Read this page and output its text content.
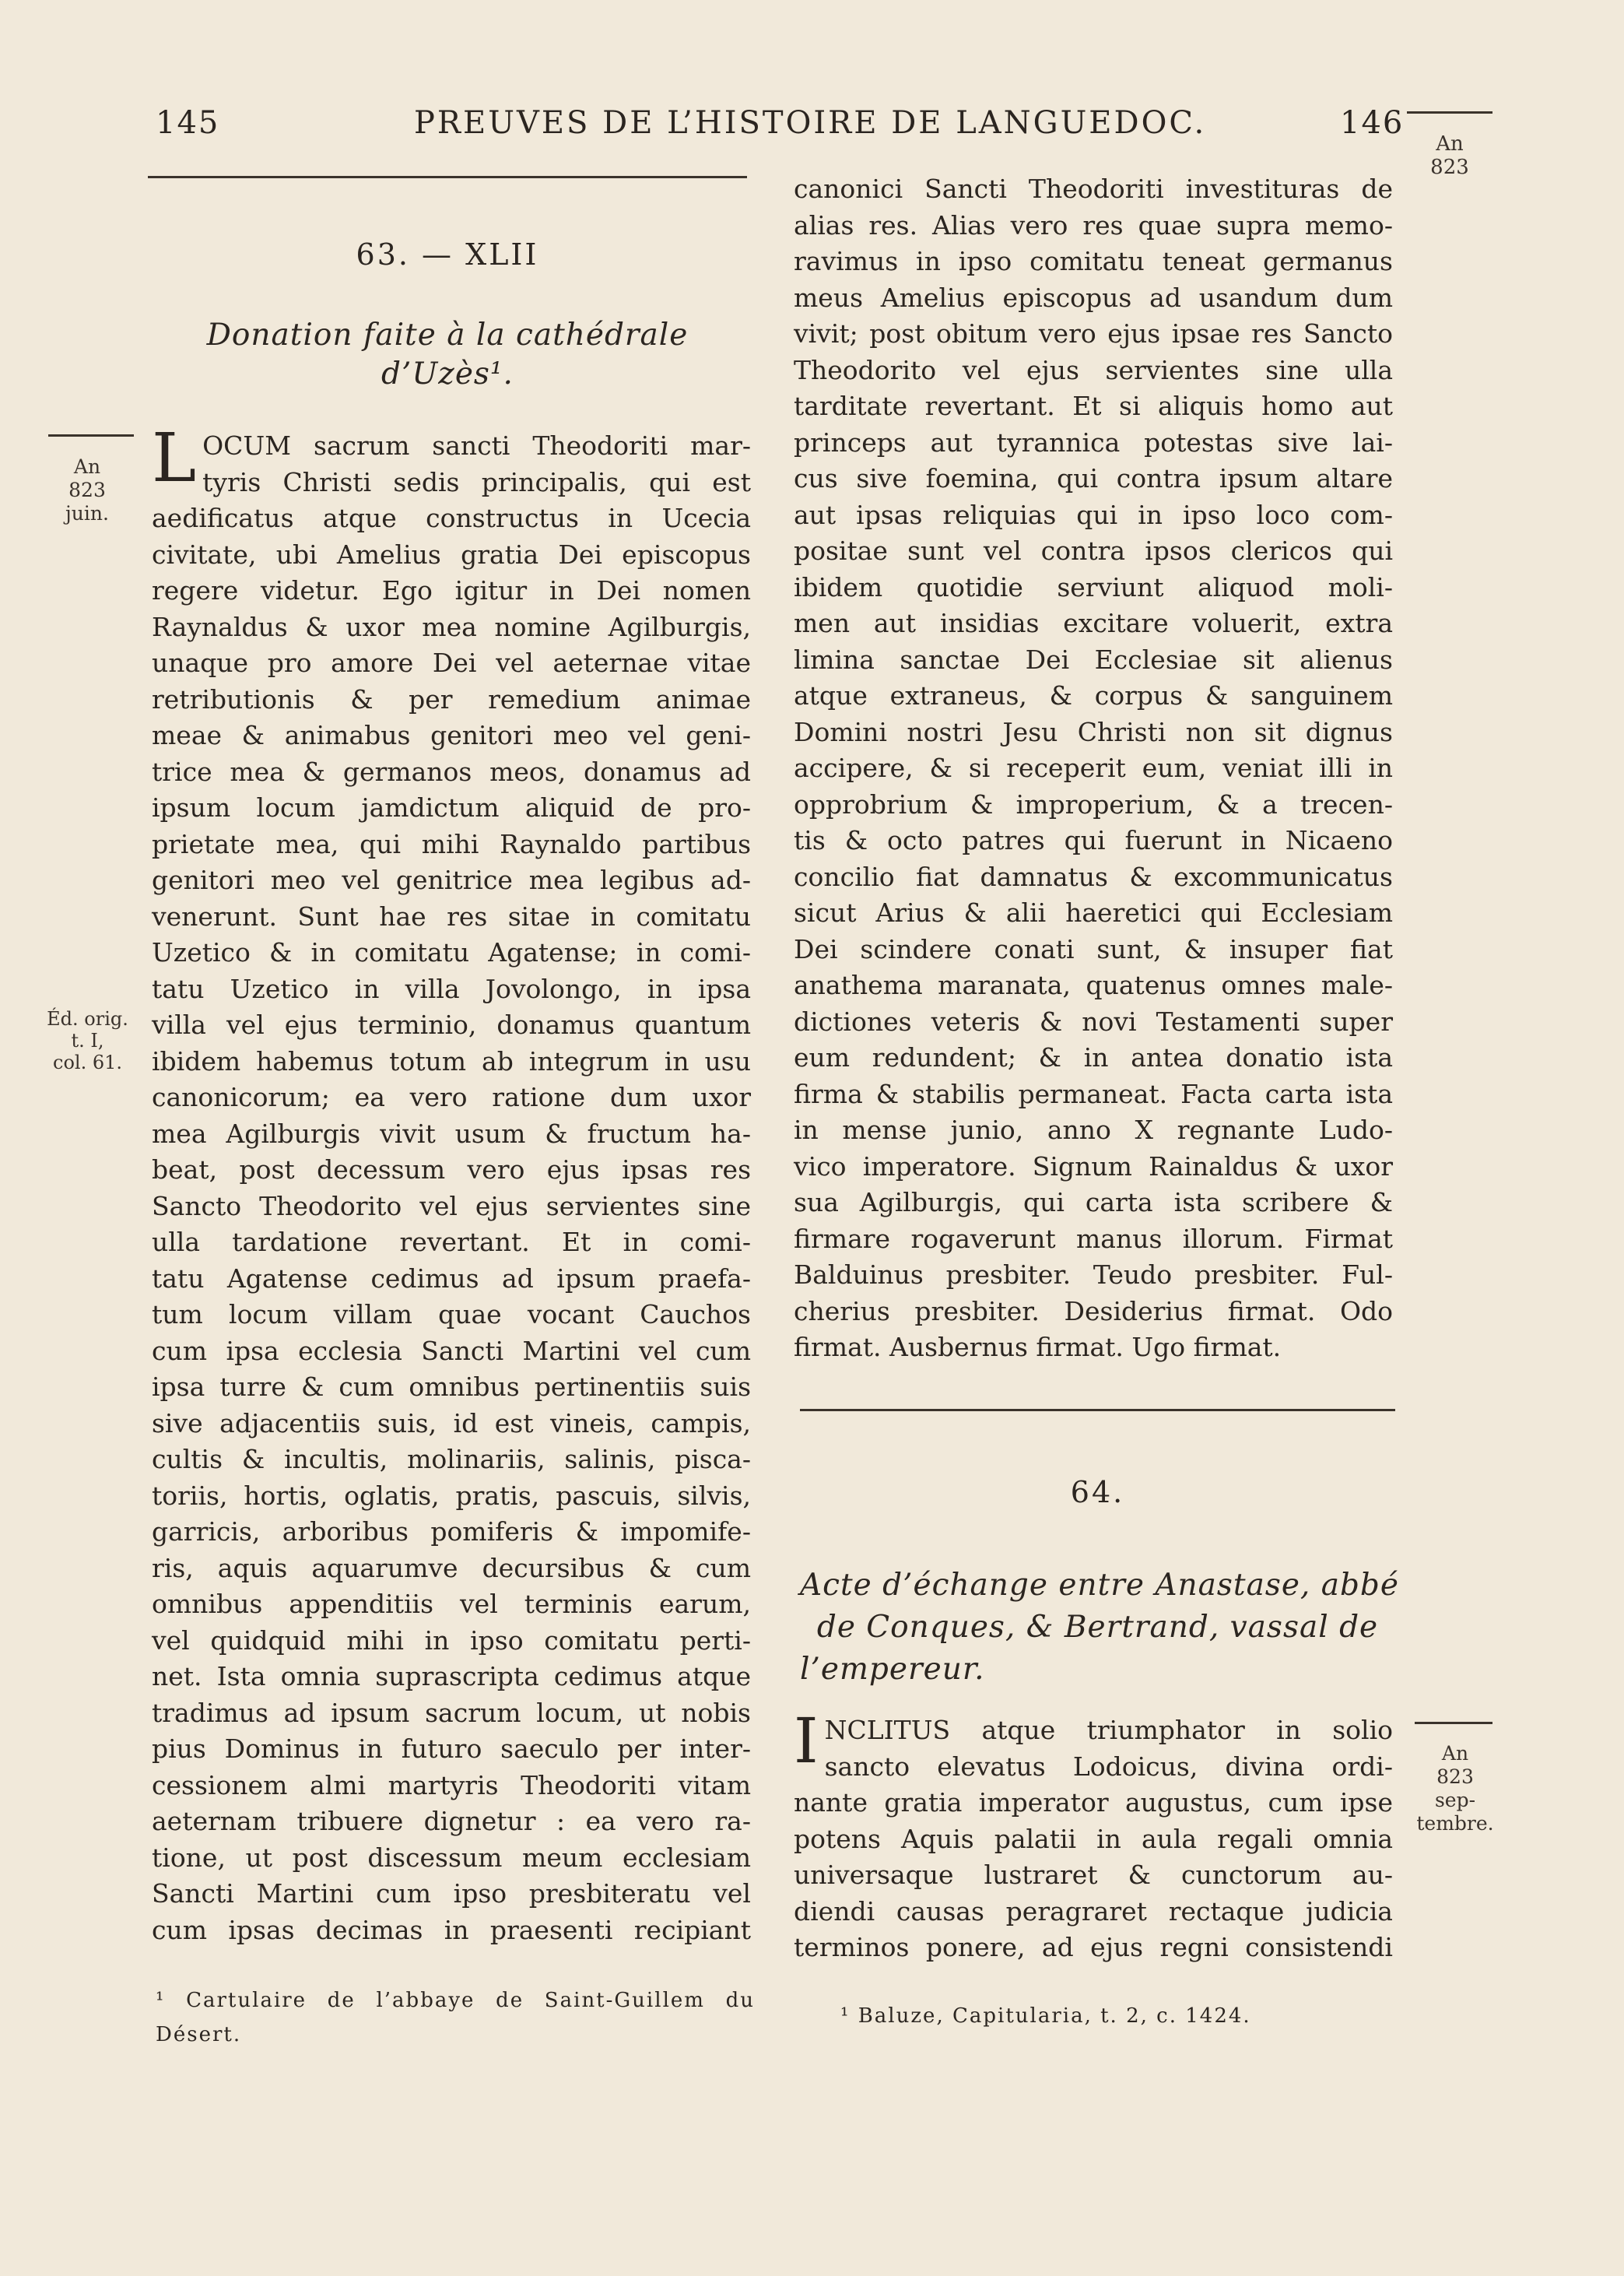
145	PREUVES DE L’HISTOIRE DE LANGUEDOC.	146
An
823
63. — XLII
Donation faite à la cathédrale
d’Uzès¹.
An
823
juin.
Éd. orig.
t. I,
col. 61.
L OCUM sacrum sancti Theodoriti mar-
tyris Christi sedis principalis, qui est
aedificatus atque constructus in Ucecia
civitate, ubi Amelius gratia Dei episcopus
regere videtur. Ego igitur in Dei nomen
Raynaldus & uxor mea nomine Agilburgis,
unaque pro amore Dei vel aeternae vitae
retributionis & per remedium animae
meae & animabus genitori meo vel geni-
trice mea & germanos meos, donamus ad
ipsum locum jamdictum aliquid de pro-
prietate mea, qui mihi Raynaldo partibus
genitori meo vel genitrice mea legibus ad-
venerunt. Sunt hae res sitae in comitatu
Uzetico & in comitatu Agatense; in comi-
tatu Uzetico in villa Jovolongo, in ipsa
villa vel ejus terminio, donamus quantum
ibidem habemus totum ab integrum in usu
canonicorum; ea vero ratione dum uxor
mea Agilburgis vivit usum & fructum ha-
beat, post decessum vero ejus ipsas res
Sancto Theodorito vel ejus servientes sine
ulla tardatione revertant. Et in comi-
tatu Agatense cedimus ad ipsum praefa-
tum locum villam quae vocant Cauchos
cum ipsa ecclesia Sancti Martini vel cum
ipsa turre & cum omnibus pertinentiis suis
sive adjacentiis suis, id est vineis, campis,
cultis & incultis, molinariis, salinis, pisca-
toriis, hortis, oglatis, pratis, pascuis, silvis,
garricis, arboribus pomiferis & impomife-
ris, aquis aquarumve decursibus & cum
omnibus appenditiis vel terminis earum,
vel quidquid mihi in ipso comitatu perti-
net. Ista omnia suprascripta cedimus atque
tradimus ad ipsum sacrum locum, ut nobis
pius Dominus in futuro saeculo per inter-
cessionem almi martyris Theodoriti vitam
aeternam tribuere dignetur : ea vero ra-
tione, ut post discessum meum ecclesiam
Sancti Martini cum ipso presbiteratu vel
cum ipsas decimas in praesenti recipiant
¹ Cartulaire de l’abbaye de Saint-Guillem du
Désert.
canonici Sancti Theodoriti investituras de
alias res. Alias vero res quae supra memo-
ravimus in ipso comitatu teneat germanus
meus Amelius episcopus ad usandum dum
vivit; post obitum vero ejus ipsae res Sancto
Theodorito vel ejus servientes sine ulla
tarditate revertant. Et si aliquis homo aut
princeps aut tyrannica potestas sive lai-
cus sive foemina, qui contra ipsum altare
aut ipsas reliquias qui in ipso loco com-
positae sunt vel contra ipsos clericos qui
ibidem quotidie serviunt aliquod moli-
men aut insidias excitare voluerit, extra
limina sanctae Dei Ecclesiae sit alienus
atque extraneus, & corpus & sanguinem
Domini nostri Jesu Christi non sit dignus
accipere, & si receperit eum, veniat illi in
opprobrium & improperium, & a trecen-
tis & octo patres qui fuerunt in Nicaeno
concilio fiat damnatus & excommunicatus
sicut Arius & alii haeretici qui Ecclesiam
Dei scindere conati sunt, & insuper fiat
anathema maranata, quatenus omnes male-
dictiones veteris & novi Testamenti super
eum redundent; & in antea donatio ista
firma & stabilis permaneat. Facta carta ista
in mense junio, anno X regnante Ludo-
vico imperatore. Signum Rainaldus & uxor
sua Agilburgis, qui carta ista scribere &
firmare rogaverunt manus illorum. Firmat
Balduinus presbiter. Teudo presbiter. Ful-
cherius presbiter. Desiderius firmat. Odo
firmat. Ausbernus firmat. Ugo firmat.
64.
Acte d’échange entre Anastase, abbé
de Conques, & Bertrand, vassal de
l’empereur.
I NCLITUS atque triumphator in solio
sancto elevatus Lodoicus, divina ordi-
nante gratia imperator augustus, cum ipse
potens Aquis palatii in aula regali omnia
universaque lustraret & cunctorum au-
diendi causas peragraret rectaque judicia
terminos ponere, ad ejus regni consistendi
An
823
sep-
tembre.
¹ Baluze, Capitularia, t. 2, c. 1424.
